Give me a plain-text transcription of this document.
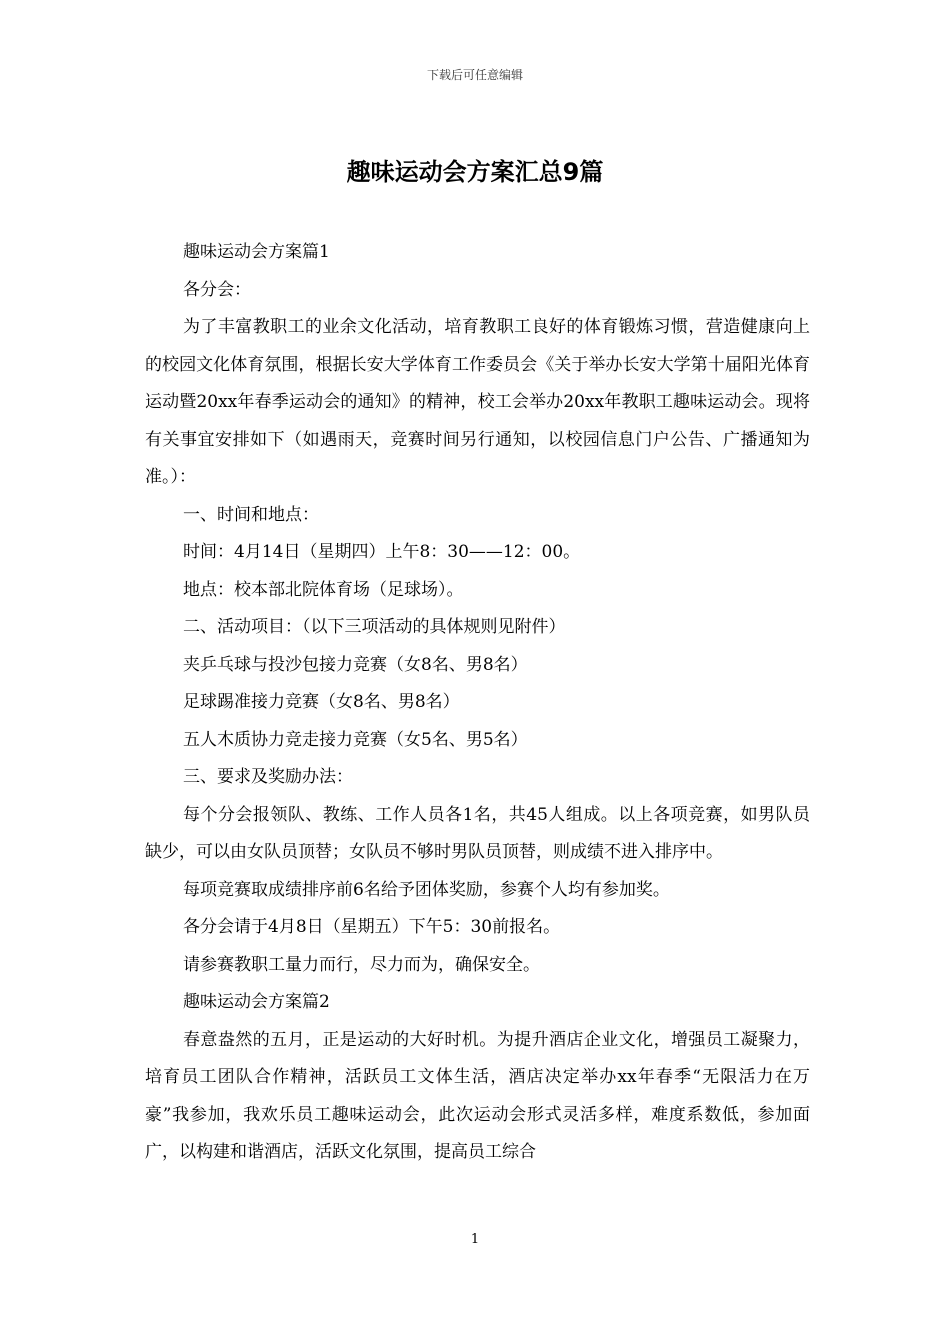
下载后可任意编辑
趣味运动会方案汇总9篇

趣味运动会方案篇1

各分会：

为了丰富教职工的业余文化活动，培育教职工良好的体育锻炼习惯，营造健康向上的校园文化体育氛围，根据长安大学体育工作委员会《关于举办长安大学第十届阳光体育运动暨20xx年春季运动会的通知》的精神，校工会举办20xx年教职工趣味运动会。现将有关事宜安排如下（如遇雨天，竞赛时间另行通知，以校园信息门户公告、广播通知为准。）：

一、时间和地点：

时间：4月14日（星期四）上午8：30——12：00。

地点：校本部北院体育场（足球场）。

二、活动项目：（以下三项活动的具体规则见附件）

夹乒乓球与投沙包接力竞赛（女8名、男8名）

足球踢准接力竞赛（女8名、男8名）

五人木质协力竞走接力竞赛（女5名、男5名）

三、要求及奖励办法：

每个分会报领队、教练、工作人员各1名，共45人组成。以上各项竞赛，如男队员缺少，可以由女队员顶替；女队员不够时男队员顶替，则成绩不进入排序中。

每项竞赛取成绩排序前6名给予团体奖励，参赛个人均有参加奖。

各分会请于4月8日（星期五）下午5：30前报名。

请参赛教职工量力而行，尽力而为，确保安全。

趣味运动会方案篇2

春意盎然的五月，正是运动的大好时机。为提升酒店企业文化，增强员工凝聚力，培育员工团队合作精神，活跃员工文体生活，酒店决定举办xx年春季“无限活力在万豪”我参加，我欢乐员工趣味运动会，此次运动会形式灵活多样，难度系数低，参加面广，以构建和谐酒店，活跃文化氛围，提高员工综合

1
